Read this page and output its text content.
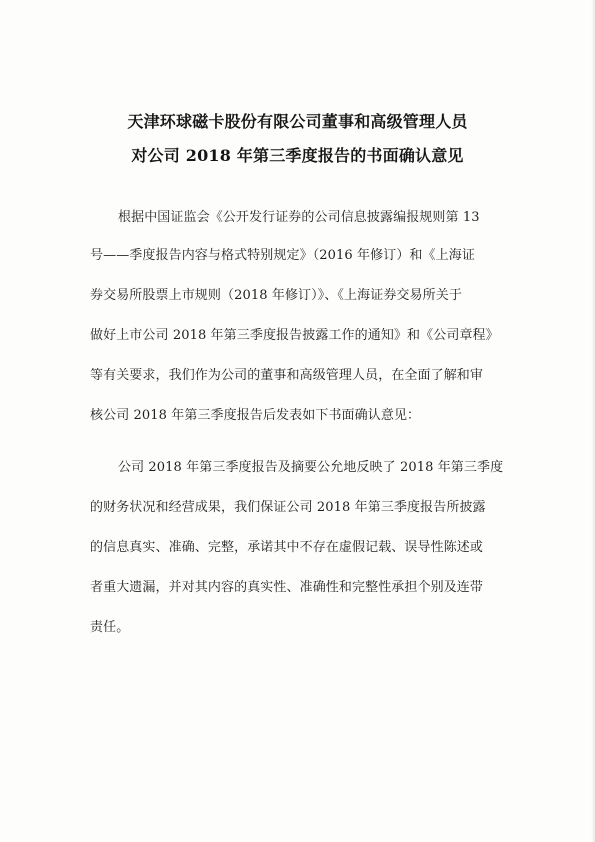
天津环球磁卡股份有限公司董事和高级管理人员
对公司 2018 年第三季度报告的书面确认意见
根据中国证监会《公开发行证券的公司信息披露编报规则第 13
号——季度报告内容与格式特别规定》（2016 年修订）和《上海证
券交易所股票上市规则（2018 年修订）》、《上海证券交易所关于
做好上市公司 2018 年第三季度报告披露工作的通知》和《公司章程》
等有关要求，我们作为公司的董事和高级管理人员，在全面了解和审
核公司 2018 年第三季度报告后发表如下书面确认意见：
公司 2018 年第三季度报告及摘要公允地反映了 2018 年第三季度
的财务状况和经营成果，我们保证公司 2018 年第三季度报告所披露
的信息真实、准确、完整，承诺其中不存在虚假记载、误导性陈述或
者重大遗漏，并对其内容的真实性、准确性和完整性承担个别及连带
责任。
